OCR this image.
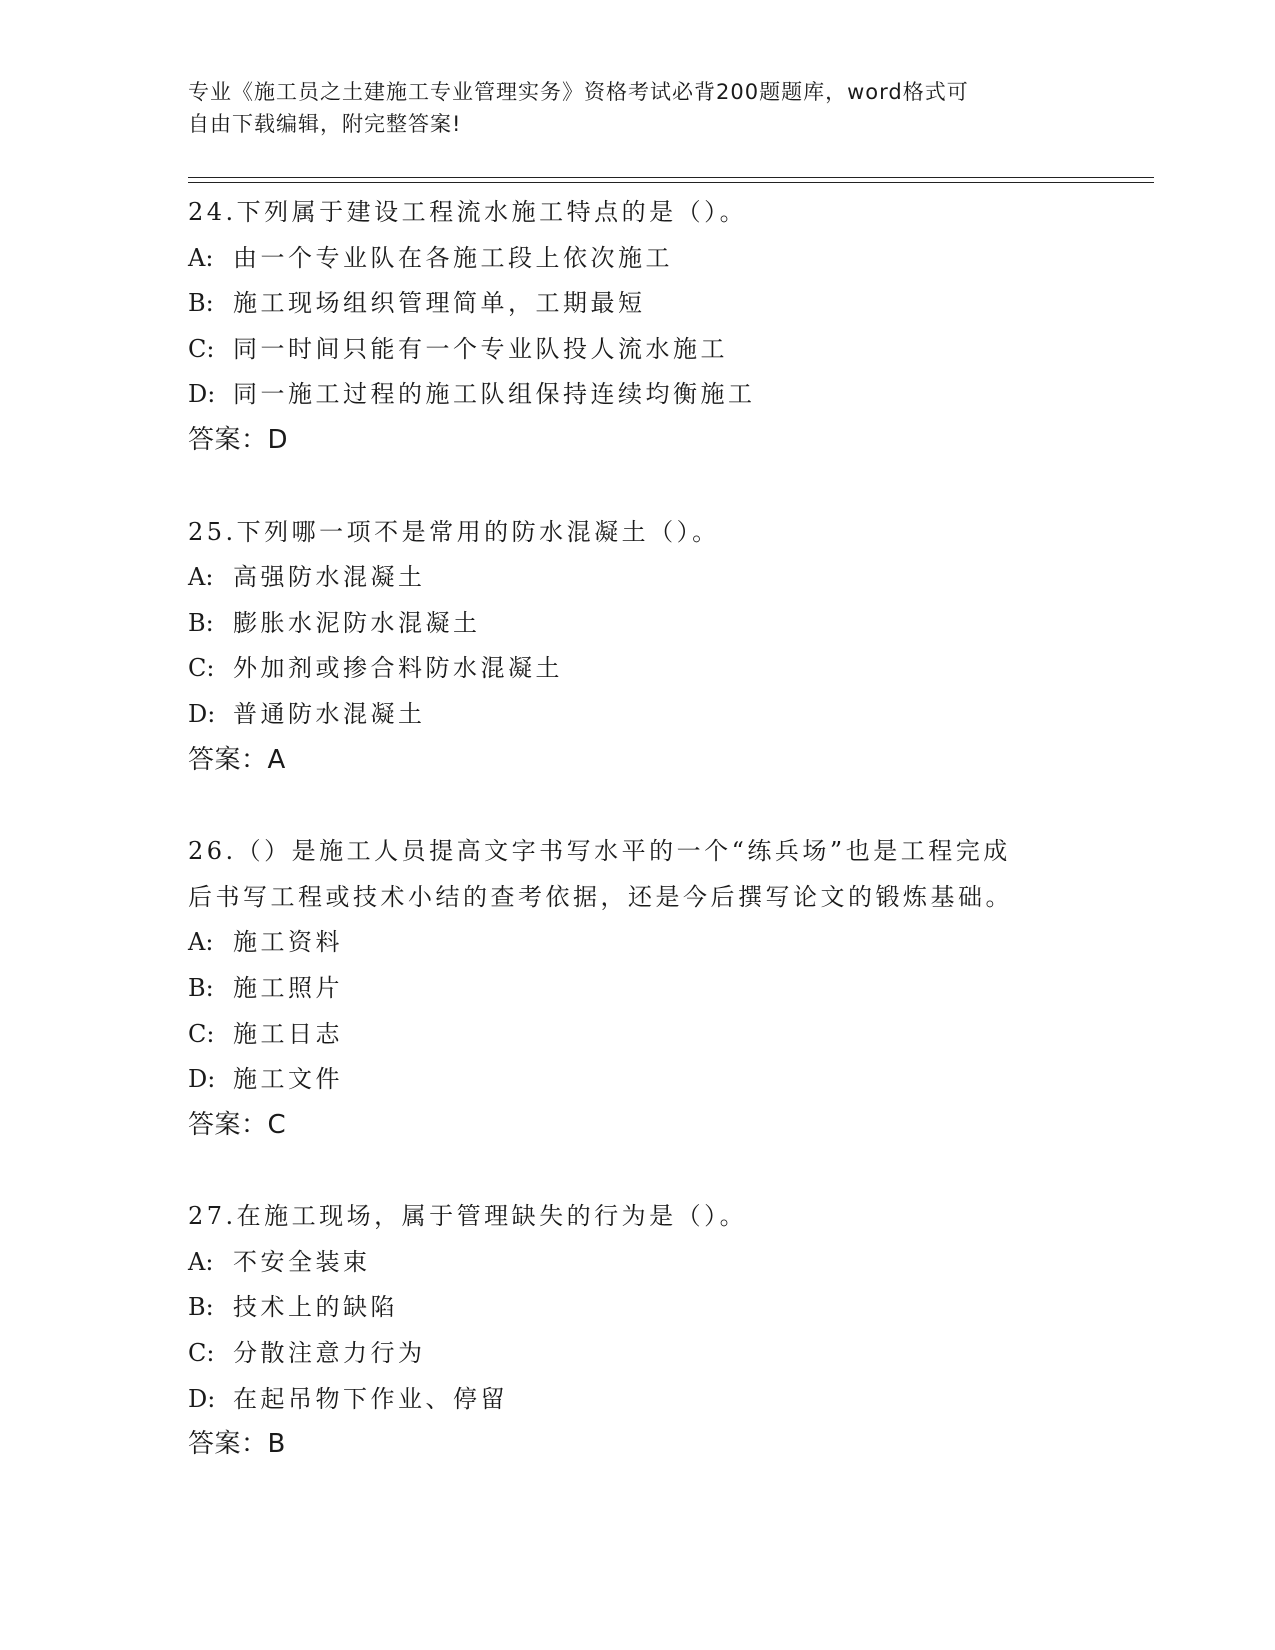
专业《施工员之土建施工专业管理实务》资格考试必背200题题库，word格式可
自由下载编辑，附完整答案!
24.下列属于建设工程流水施工特点的是（）。
A: 由一个专业队在各施工段上依次施工
B: 施工现场组织管理简单，工期最短
C: 同一时间只能有一个专业队投人流水施工
D: 同一施工过程的施工队组保持连续均衡施工
答案：D
25.下列哪一项不是常用的防水混凝土（）。
A: 高强防水混凝土
B: 膨胀水泥防水混凝土
C: 外加剂或掺合料防水混凝土
D: 普通防水混凝土
答案：A
26.（）是施工人员提高文字书写水平的一个“练兵场”也是工程完成
后书写工程或技术小结的查考依据，还是今后撰写论文的锻炼基础。
A: 施工资料
B: 施工照片
C: 施工日志
D: 施工文件
答案：C
27.在施工现场，属于管理缺失的行为是（）。
A: 不安全装束
B: 技术上的缺陷
C: 分散注意力行为
D: 在起吊物下作业、停留
答案：B
